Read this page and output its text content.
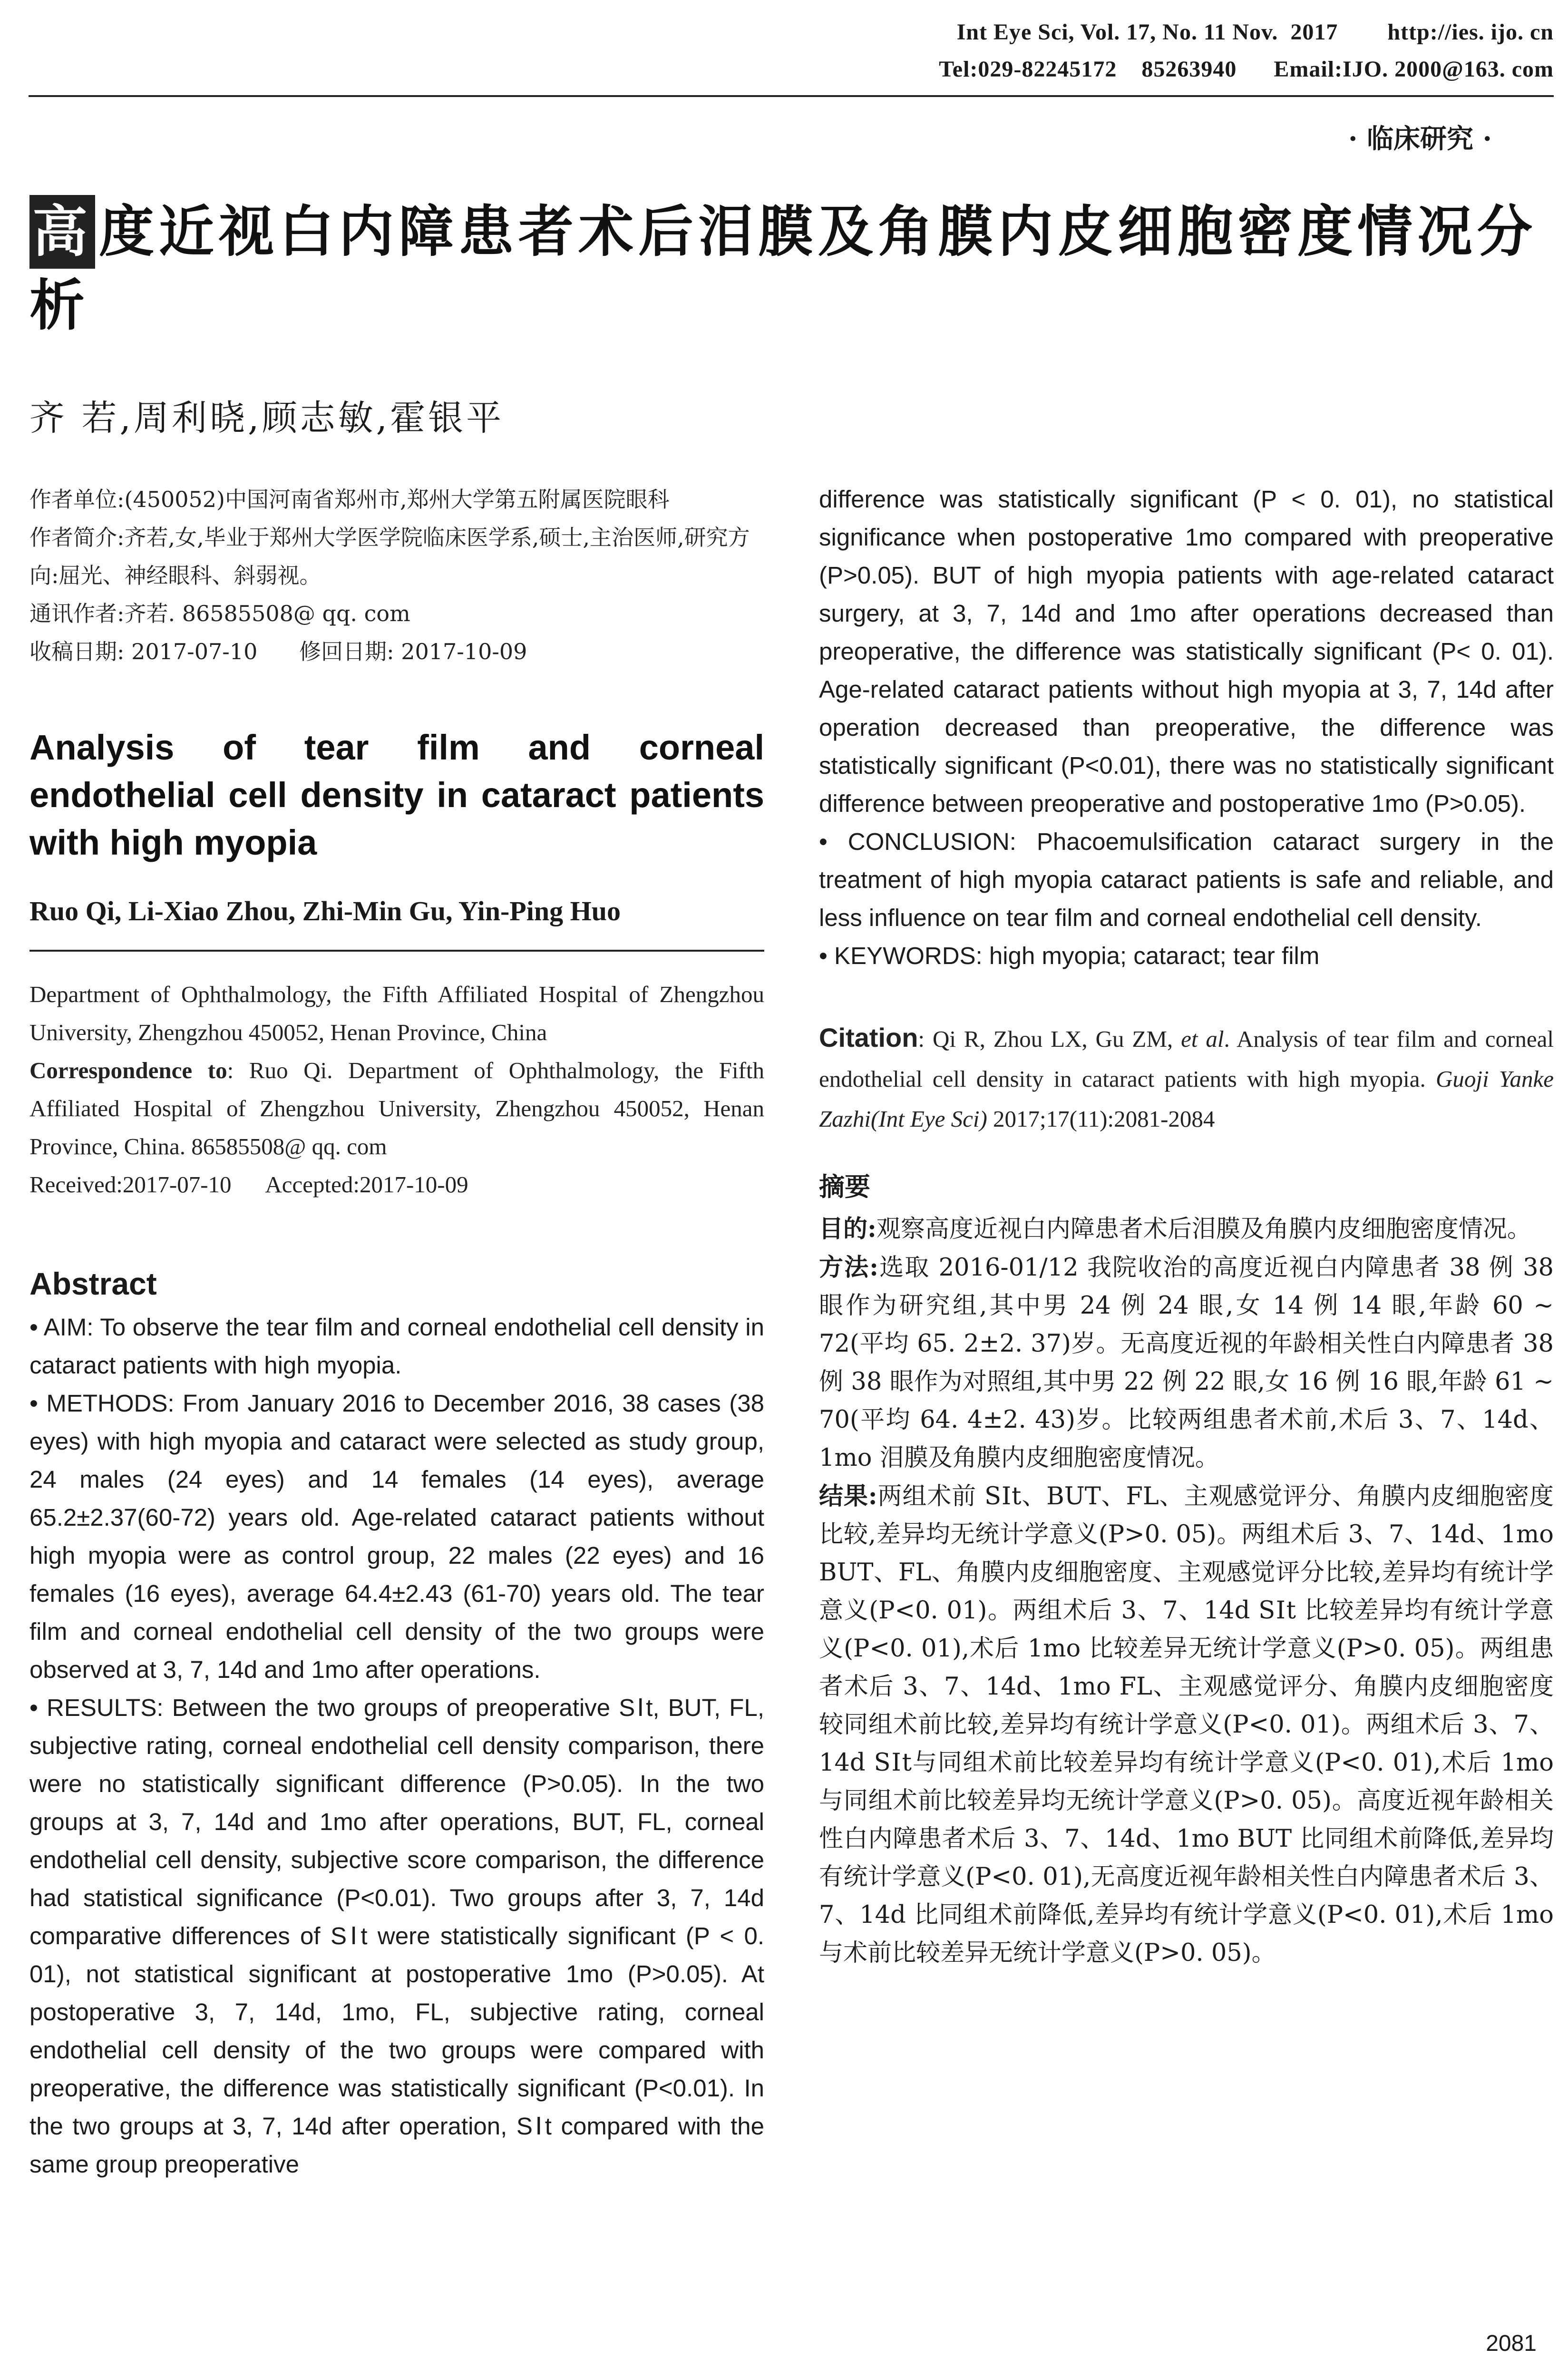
Int Eye Sci, Vol. 17, No. 11 Nov.  2017        http://ies. ijo. cn
Tel:029-82245172    85263940      Email:IJO. 2000@163. com
· 临床研究 ·
高 度近视白内障患者术后泪膜及角膜内皮细胞密度情况分析
齐 若,周利晓,顾志敏,霍银平

作者单位:(450052)中国河南省郑州市,郑州大学第五附属医院眼科

作者简介:齐若,女,毕业于郑州大学医学院临床医学系,硕士,主治医师,研究方向:屈光、神经眼科、斜弱视。

通讯作者:齐若. 86585508@ qq. com

收稿日期: 2017-07-10      修回日期: 2017-10-09

Analysis of tear film and corneal endothelial cell density in cataract patients with high myopia
Ruo Qi, Li-Xiao Zhou, Zhi-Min Gu, Yin-Ping Huo

Department of Ophthalmology, the Fifth Affiliated Hospital of Zhengzhou University, Zhengzhou 450052, Henan Province, China

Correspondence to: Ruo Qi. Department of Ophthalmology, the Fifth Affiliated Hospital of Zhengzhou University, Zhengzhou 450052, Henan Province, China. 86585508@ qq. com

Received:2017-07-10      Accepted:2017-10-09

Abstract

• AIM: To observe the tear film and corneal endothelial cell density in cataract patients with high myopia.

• METHODS: From January 2016 to December 2016, 38 cases (38 eyes) with high myopia and cataract were selected as study group, 24 males (24 eyes) and 14 females (14 eyes), average 65.2±2.37(60-72) years old. Age-related cataract patients without high myopia were as control group, 22 males (22 eyes) and 16 females (16 eyes), average 64.4±2.43 (61-70) years old. The tear film and corneal endothelial cell density of the two groups were observed at 3, 7, 14d and 1mo after operations.

• RESULTS: Between the two groups of preoperative SⅠt, BUT, FL, subjective rating, corneal endothelial cell density comparison, there were no statistically significant difference (P>0.05). In the two groups at 3, 7, 14d and 1mo after operations, BUT, FL, corneal endothelial cell density, subjective score comparison, the difference had statistical significance (P<0.01). Two groups after 3, 7, 14d comparative differences of SⅠt were statistically significant (P < 0. 01), not statistical significant at postoperative 1mo (P>0.05). At postoperative 3, 7, 14d, 1mo, FL, subjective rating, corneal endothelial cell density of the two groups were compared with preoperative, the difference was statistically significant (P<0.01). In the two groups at 3, 7, 14d after operation, SⅠt compared with the same group preoperative

difference was statistically significant (P < 0. 01), no statistical significance when postoperative 1mo compared with preoperative (P>0.05). BUT of high myopia patients with age-related cataract surgery, at 3, 7, 14d and 1mo after operations decreased than preoperative, the difference was statistically significant (P< 0. 01). Age-related cataract patients without high myopia at 3, 7, 14d after operation decreased than preoperative, the difference was statistically significant (P<0.01), there was no statistically significant difference between preoperative and postoperative 1mo (P>0.05).

• CONCLUSION: Phacoemulsification cataract surgery in the treatment of high myopia cataract patients is safe and reliable, and less influence on tear film and corneal endothelial cell density.

• KEYWORDS: high myopia; cataract; tear film

Citation: Qi R, Zhou LX, Gu ZM, et al. Analysis of tear film and corneal endothelial cell density in cataract patients with high myopia. Guoji Yanke Zazhi(Int Eye Sci) 2017;17(11):2081-2084
摘要

目的:观察高度近视白内障患者术后泪膜及角膜内皮细胞密度情况。

方法:选取 2016-01/12 我院收治的高度近视白内障患者 38 例 38 眼作为研究组,其中男 24 例 24 眼,女 14 例 14 眼,年龄 60 ~ 72(平均 65. 2±2. 37)岁。无高度近视的年龄相关性白内障患者 38 例 38 眼作为对照组,其中男 22 例 22 眼,女 16 例 16 眼,年龄 61 ~ 70(平均 64. 4±2. 43)岁。比较两组患者术前,术后 3、7、14d、1mo 泪膜及角膜内皮细胞密度情况。

结果:两组术前 SⅠt、BUT、FL、主观感觉评分、角膜内皮细胞密度比较,差异均无统计学意义(P>0. 05)。两组术后 3、7、14d、1mo BUT、FL、角膜内皮细胞密度、主观感觉评分比较,差异均有统计学意义(P<0. 01)。两组术后 3、7、14d SⅠt 比较差异均有统计学意义(P<0. 01),术后 1mo 比较差异无统计学意义(P>0. 05)。两组患者术后 3、7、14d、1mo FL、主观感觉评分、角膜内皮细胞密度较同组术前比较,差异均有统计学意义(P<0. 01)。两组术后 3、7、14d SⅠt与同组术前比较差异均有统计学意义(P<0. 01),术后 1mo 与同组术前比较差异均无统计学意义(P>0. 05)。高度近视年龄相关性白内障患者术后 3、7、14d、1mo BUT 比同组术前降低,差异均有统计学意义(P<0. 01),无高度近视年龄相关性白内障患者术后 3、7、14d 比同组术前降低,差异均有统计学意义(P<0. 01),术后 1mo 与术前比较差异无统计学意义(P>0. 05)。

2081
